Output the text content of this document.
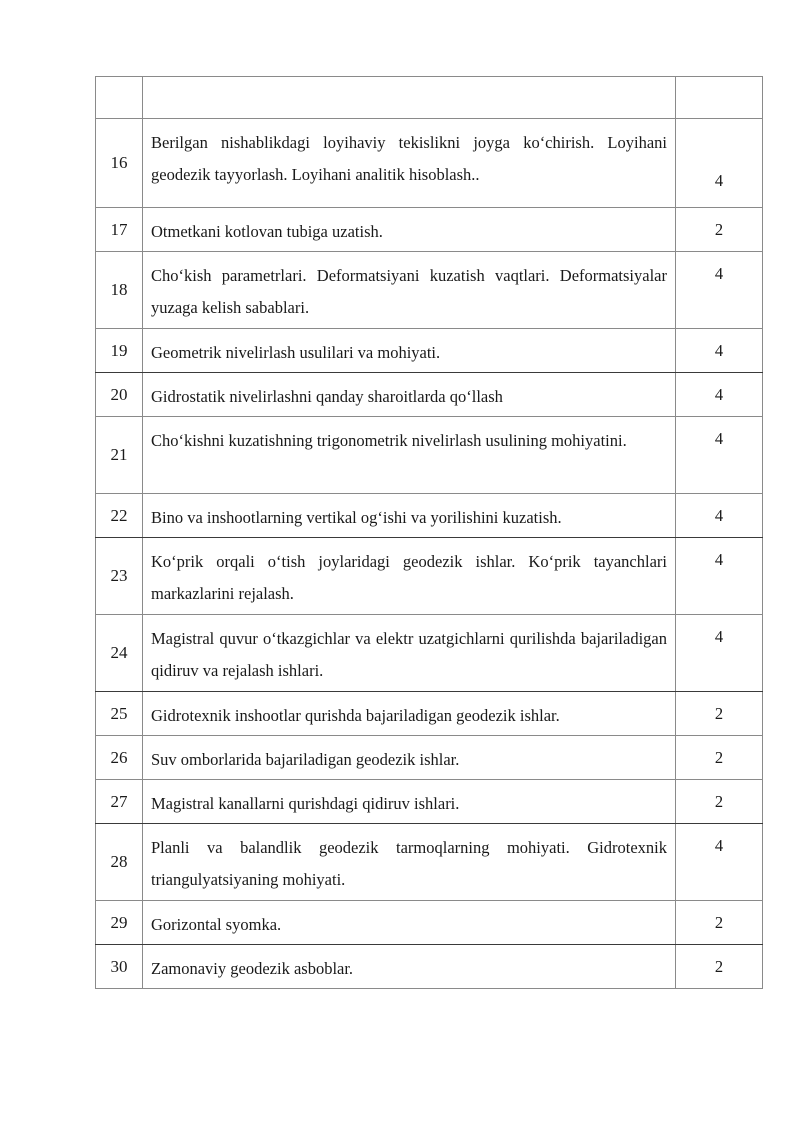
16	Berilgan nishablikdagi loyihaviy tekislikni joyga ko‘chirish. Loyihani geodezik tayyorlash. Loyihani analitik hisoblash..	4
17	Otmetkani kotlovan tubiga uzatish.	2
18	Cho‘kish parametrlari. Deformatsiyani kuzatish vaqtlari. Deformatsiyalar yuzaga kelish sabablari.	4
19	Geometrik nivelirlash usulilari va mohiyati.	4
20	Gidrostatik nivelirlashni qanday sharoitlarda qo‘llash	4
21	Cho‘kishni kuzatishning trigonometrik nivelirlash usulining mohiyatini.	4
22	Bino va inshootlarning vertikal og‘ishi va yorilishini kuzatish.	4
23	Ko‘prik orqali o‘tish joylaridagi geodezik ishlar. Ko‘prik tayanchlari markazlarini rejalash.	4
24	Magistral quvur o‘tkazgichlar va elektr uzatgichlarni qurilishda bajariladigan qidiruv va rejalash ishlari.	4
25	Gidrotexnik inshootlar qurishda bajariladigan geodezik ishlar.	2
26	Suv omborlarida bajariladigan geodezik ishlar.	2
27	Magistral kanallarni qurishdagi qidiruv ishlari.	2
28	Planli va balandlik geodezik tarmoqlarning mohiyati. Gidrotexnik triangulyatsiyaning mohiyati.	4
29	Gorizontal syomka.	2
30	Zamonaviy geodezik asboblar.	2
